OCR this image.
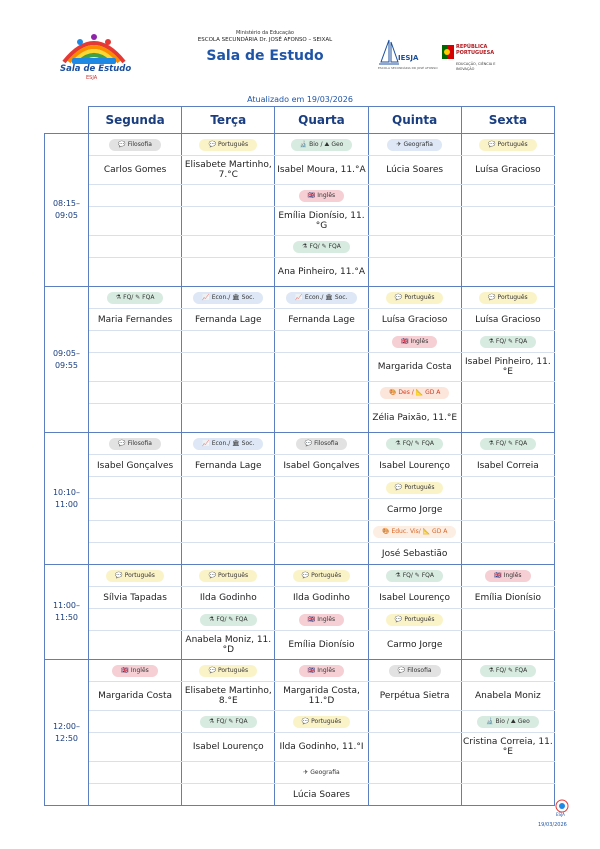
Sala de Estudo
ESJA
Ministério da Educação
ESCOLA SECUNDÁRIA Dr. JOSÉ AFONSO – SEIXAL
Sala de Estudo	IESJA
ESCOLA SECUNDÁRIA DR JOSÉ AFONSO
REPÚBLICA PORTUGUESA
EDUCAÇÃO, CIÊNCIA E INOVAÇÃO
Atualizado em 19/03/2026
	Segunda	Terça	Quarta	Quinta	Sexta
08:15– 09:05	💬 Filosofia	💬 Português	🔬 Bio / ⛰ Geo	✈ Geografia	💬 Português
	Carlos Gomes	Elisabete Martinho, 7.°C	Isabel Moura, 11.°A	Lúcia Soares	Luísa Gracioso
			🇬🇧 Inglês		
			Emília Dionísio, 11.°G		
			⚗ FQ/ ✎ FQA		
			Ana Pinheiro, 11.°A		
09:05– 09:55	⚗ FQ/ ✎ FQA	📈 Econ./ 🏛 Soc.	📈 Econ./ 🏛 Soc.	💬 Português	💬 Português
	Maria Fernandes	Fernanda Lage	Fernanda Lage	Luísa Gracioso	Luísa Gracioso
				🇬🇧 Inglês	⚗ FQ/ ✎ FQA
				Margarida Costa	Isabel Pinheiro, 11.°E
				🎨 Des / 📐 GD A	
				Zélia Paixão, 11.°E	
10:10– 11:00	💬 Filosofia	📈 Econ./ 🏛 Soc.	💬 Filosofia	⚗ FQ/ ✎ FQA	⚗ FQ/ ✎ FQA
	Isabel Gonçalves	Fernanda Lage	Isabel Gonçalves	Isabel Lourenço	Isabel Correia
				💬 Português	
				Carmo Jorge	
				🎨 Educ. Vis/ 📐 GD A	
				José Sebastião	
11:00– 11:50	💬 Português	💬 Português	💬 Português	⚗ FQ/ ✎ FQA	🇬🇧 Inglês
	Sílvia Tapadas	Ilda Godinho	Ilda Godinho	Isabel Lourenço	Emília Dionísio
		⚗ FQ/ ✎ FQA	🇬🇧 Inglês	💬 Português	
		Anabela Moniz, 11.°D	Emília Dionísio	Carmo Jorge	
12:00– 12:50	🇬🇧 Inglês	💬 Português	🇬🇧 Inglês	💬 Filosofia	⚗ FQ/ ✎ FQA
	Margarida Costa	Elisabete Martinho, 8.°E	Margarida Costa, 11.°D	Perpétua Sietra	Anabela Moniz
		⚗ FQ/ ✎ FQA	💬 Português		🔬 Bio / ⛰ Geo
		Isabel Lourenço	Ilda Godinho, 11.°I		Cristina Correia, 11.°E
			✈ Geografia		
			Lúcia Soares		
ESJA
19/03/2026
